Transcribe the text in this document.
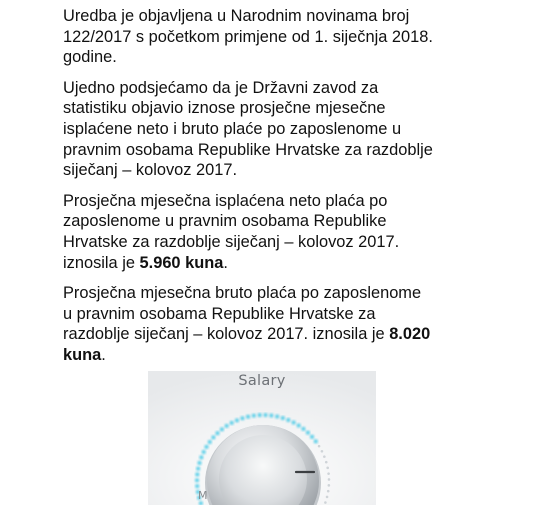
Uredba je objavljena u Narodnim novinama broj
122/2017 s početkom primjene od 1. siječnja 2018.
godine.

Ujedno podsjećamo da je Državni zavod za
statistiku objavio iznose prosječne mjesečne
isplaćene neto i bruto plaće po zaposlenome u
pravnim osobama Republike Hrvatske za razdoblje
siječanj – kolovoz 2017.

Prosječna mjesečna isplaćena neto plaća po
zaposlenome u pravnim osobama Republike
Hrvatske za razdoblje siječanj – kolovoz 2017.
iznosila je 5.960 kuna.

Prosječna mjesečna bruto plaća po zaposlenome
u pravnim osobama Republike Hrvatske za
razdoblje siječanj – kolovoz 2017. iznosila je 8.020
kuna.

Salary
M
